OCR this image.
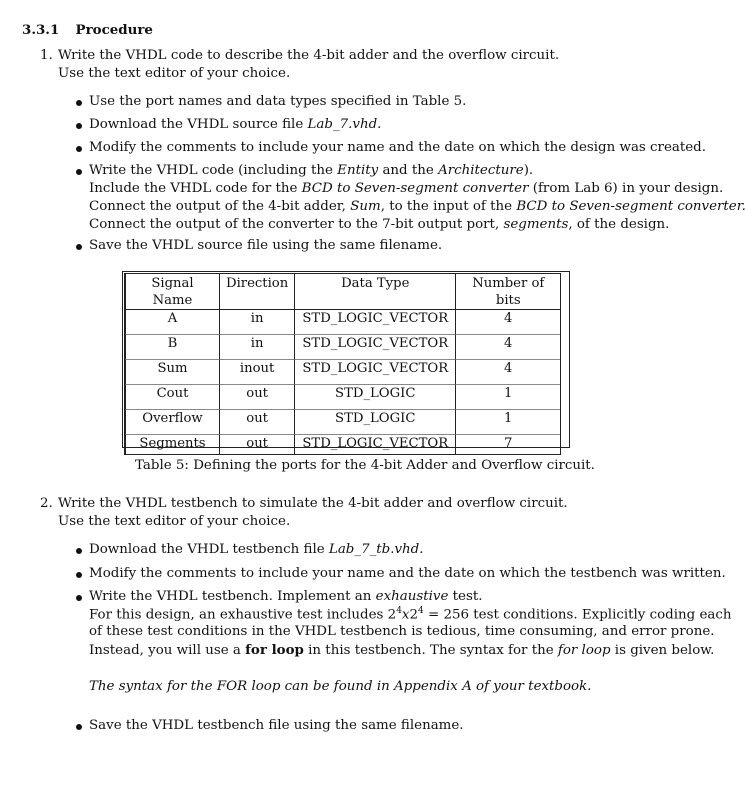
3.3.1 Procedure
1. Write the VHDL code to describe the 4-bit adder and the overflow circuit.
Use the text editor of your choice.
Use the port names and data types specified in Table 5.
Download the VHDL source file Lab_7.vhd.
Modify the comments to include your name and the date on which the design was created.
Write the VHDL code (including the Entity and the Architecture).
Include the VHDL code for the BCD to Seven-segment converter (from Lab 6) in your design.
Connect the output of the 4-bit adder, Sum, to the input of the BCD to Seven-segment converter.
Connect the output of the converter to the 7-bit output port, segments, of the design.
Save the VHDL source file using the same filename.
Signal Name	Direction	Data Type	Number of bits
A	in	STD_LOGIC_VECTOR	4
B	in	STD_LOGIC_VECTOR	4
Sum	inout	STD_LOGIC_VECTOR	4
Cout	out	STD_LOGIC	1
Overflow	out	STD_LOGIC	1
Segments	out	STD_LOGIC_VECTOR	7
Table 5: Defining the ports for the 4-bit Adder and Overflow circuit.
2. Write the VHDL testbench to simulate the 4-bit adder and overflow circuit.
Use the text editor of your choice.
Download the VHDL testbench file Lab_7_tb.vhd.
Modify the comments to include your name and the date on which the testbench was written.
Write the VHDL testbench. Implement an exhaustive test.
For this design, an exhaustive test includes $2^4x2^4 = 256$ test conditions. Explicitly coding each
of these test conditions in the VHDL testbench is tedious, time consuming, and error prone.
Instead, you will use a for loop in this testbench. The syntax for the for loop is given below.
The syntax for the FOR loop can be found in Appendix A of your textbook.
Save the VHDL testbench file using the same filename.
